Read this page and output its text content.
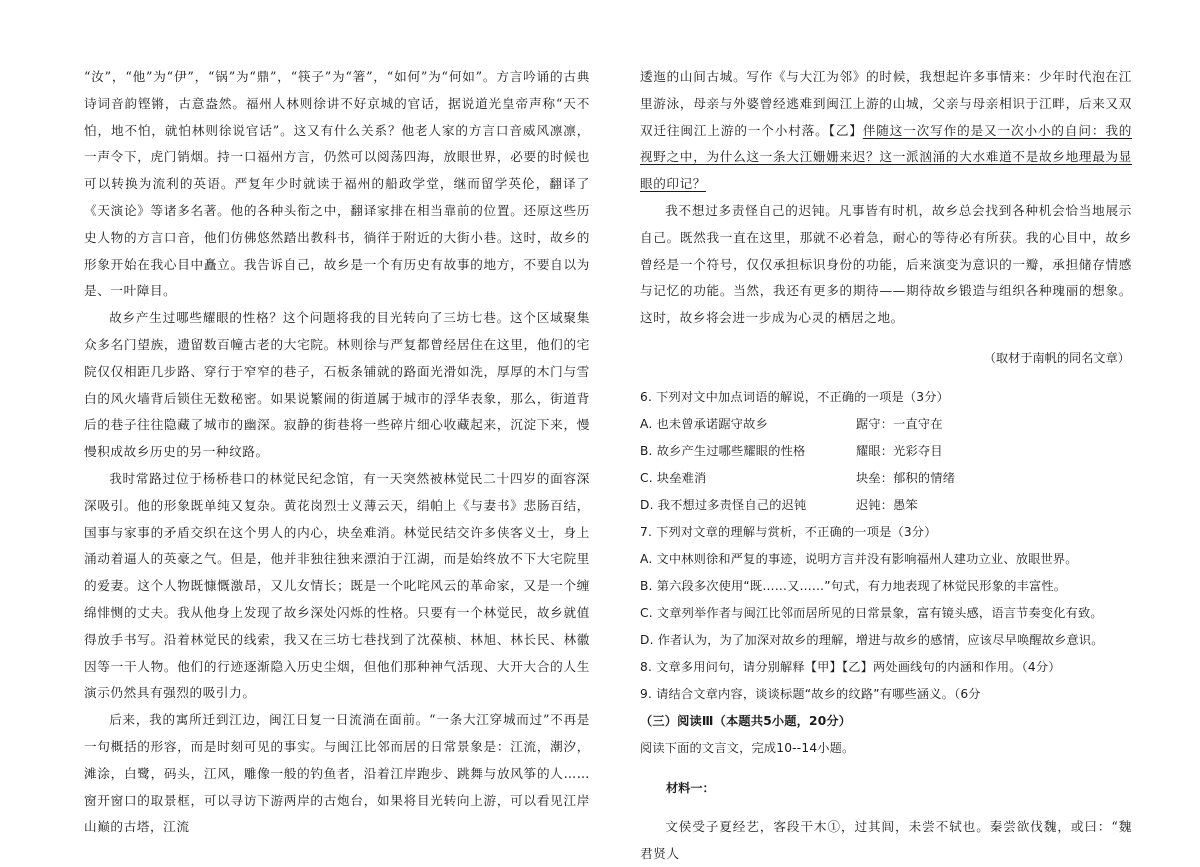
“汝”，“他”为“伊”，“锅”为“鼎”，“筷子”为“箸”，“如何”为“何如”。方言吟诵的古典诗词音韵铿锵，古意盎然。福州人林则徐讲不好京城的官话，据说道光皇帝声称“天不怕，地不怕，就怕林则徐说官话”。这又有什么关系？他老人家的方言口音威风凛凛，一声令下，虎门销烟。持一口福州方言，仍然可以阅荡四海，放眼世界，必要的时候也可以转换为流利的英语。严复年少时就读于福州的船政学堂，继而留学英伦，翻译了《天演论》等诸多名著。他的各种头衔之中，翻译家排在相当靠前的位置。还原这些历史人物的方言口音，他们仿佛悠然踏出教科书，徜徉于附近的大街小巷。这时，故乡的形象开始在我心目中矗立。我告诉自己，故乡是一个有历史有故事的地方，不要自以为是、一叶障目。

故乡产生过哪些耀眼的性格？这个问题将我的目光转向了三坊七巷。这个区域聚集众多名门望族，遗留数百幢古老的大宅院。林则徐与严复都曾经居住在这里，他们的宅院仅仅相距几步路、穿行于窄窄的巷子，石板条铺就的路面光滑如洗，厚厚的木门与雪白的风火墙背后锁住无数秘密。如果说繁闹的街道属于城市的浮华表象，那么，街道背后的巷子往往隐藏了城市的幽深。寂静的街巷将一些碎片细心收藏起来，沉淀下来，慢慢积成故乡历史的另一种纹路。

我时常路过位于杨桥巷口的林觉民纪念馆，有一天突然被林觉民二十四岁的面容深深吸引。他的形象既单纯又复杂。黄花岗烈士义薄云天，绢帕上《与妻书》悲肠百结，国事与家事的矛盾交织在这个男人的内心，块垒难消。林觉民结交许多侠客义士，身上涌动着逼人的英豪之气。但是，他并非独往独来漂泊于江湖，而是始终放不下大宅院里的爱妻。这个人物既慷慨激昂，又儿女情长；既是一个叱咤风云的革命家，又是一个缠绵悱恻的丈夫。我从他身上发现了故乡深处闪烁的性格。只要有一个林觉民，故乡就值得放手书写。沿着林觉民的线索，我又在三坊七巷找到了沈葆桢、林旭、林长民、林徽因等一干人物。他们的行迹逐渐隐入历史尘烟，但他们那种神气活现、大开大合的人生演示仍然具有强烈的吸引力。

后来，我的寓所迁到江边，闽江日复一日流淌在面前。“一条大江穿城而过”不再是一句概括的形容，而是时刻可见的事实。与闽江比邻而居的日常景象是：江流，潮汐，滩涂，白鹭，码头，江风，雕像一般的钓鱼者，沿着江岸跑步、跳舞与放风筝的人……窗开窗口的取景框，可以寻访下游两岸的古炮台，如果将目光转向上游，可以看见江岸山巅的古塔，江流

逶迤的山间古城。写作《与大江为邻》的时候，我想起许多事情来：少年时代泡在江里游泳，母亲与外婆曾经逃难到闽江上游的山城，父亲与母亲相识于江畔，后来又双双迁往闽江上游的一个小村落。【乙】伴随这一次写作的是又一次小小的自问：我的视野之中，为什么这一条大江姗姗来迟？这一派汹涌的大水难道不是故乡地理最为显眼的印记？

我不想过多责怪自己的迟钝。凡事皆有时机，故乡总会找到各种机会恰当地展示自己。既然我一直在这里，那就不必着急，耐心的等待必有所获。我的心目中，故乡曾经是一个符号，仅仅承担标识身份的功能，后来演变为意识的一瓣，承担储存情感与记忆的功能。当然，我还有更多的期待——期待故乡锻造与组织各种瑰丽的想象。这时，故乡将会进一步成为心灵的栖居之地。

（取材于南帆的同名文章）

6. 下列对文中加点词语的解说，不正确的一项是（3分）

A. 也未曾承诺踞守故乡	踞守：一直守在
B. 故乡产生过哪些耀眼的性格	耀眼：光彩夺目
C. 块垒难消	块垒：郁积的情绪
D. 我不想过多责怪自己的迟钝	迟钝：愚笨

7. 下列对文章的理解与赏析，不正确的一项是（3分）

A. 文中林则徐和严复的事迹，说明方言并没有影响福州人建功立业、放眼世界。

B. 第六段多次使用“既……又……”句式，有力地表现了林觉民形象的丰富性。

C. 文章列举作者与闽江比邻而居所见的日常景象，富有镜头感，语言节奏变化有致。

D. 作者认为，为了加深对故乡的理解，增进与故乡的感情，应该尽早唤醒故乡意识。

8. 文章多用问句，请分别解释【甲】【乙】两处画线句的内涵和作用。（4分）

9. 请结合文章内容，谈谈标题“故乡的纹路”有哪些涵义。（6分

（三）阅读Ⅲ（本题共5小题，20分）

阅读下面的文言文，完成10--14小题。

材料一：

文侯受子夏经艺，客段干木①，过其闾，未尝不轼也。秦尝欲伐魏，或曰：“魏君贤人
